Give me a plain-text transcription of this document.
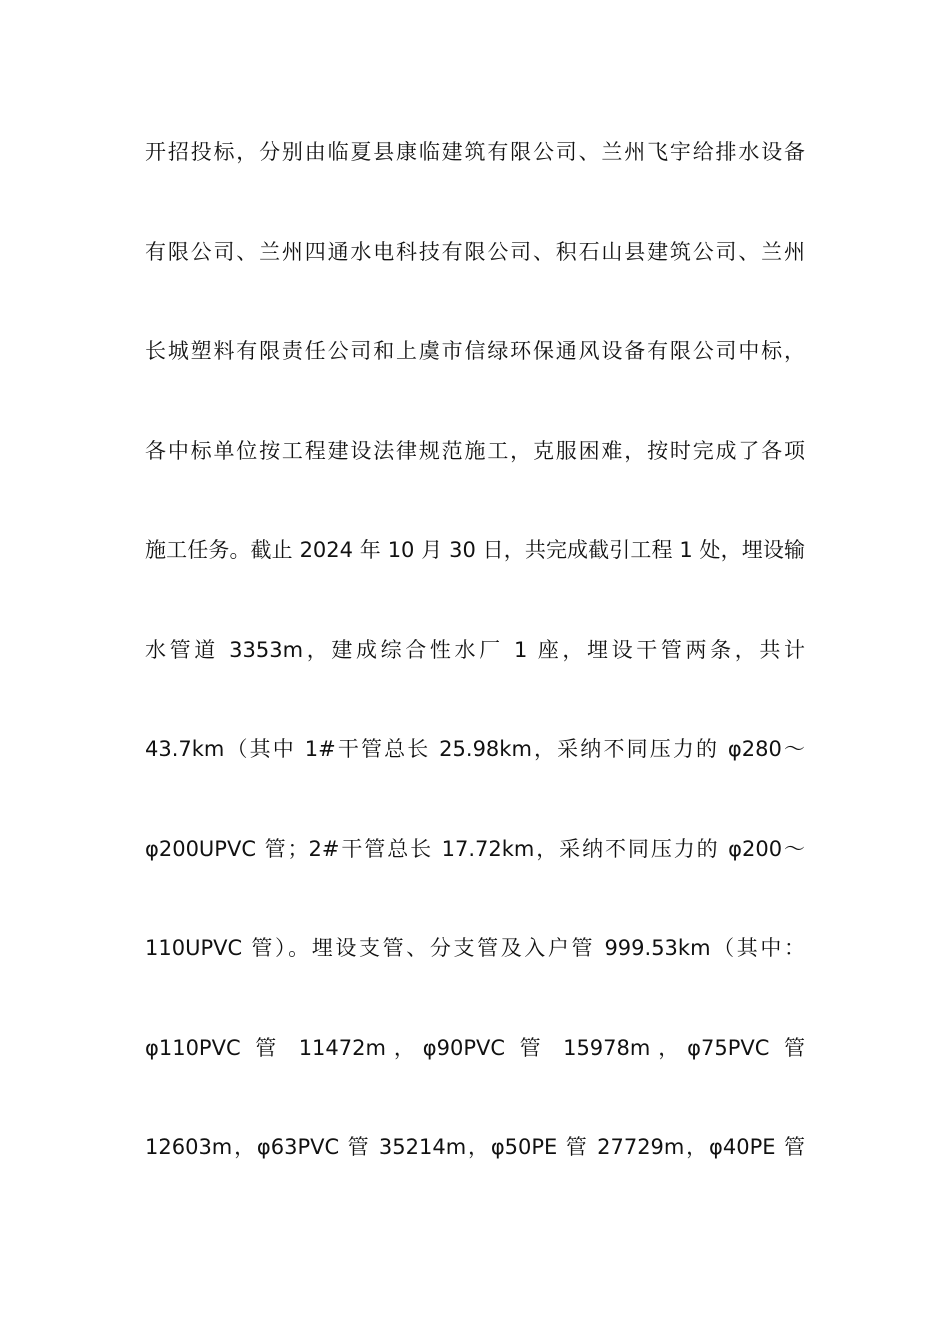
开招投标，分别由临夏县康临建筑有限公司、兰州飞宇给排水设备
有限公司、兰州四通水电科技有限公司、积石山县建筑公司、兰州
长城塑料有限责任公司和上虞市信绿环保通风设备有限公司中标，
各中标单位按工程建设法律规范施工，克服困难，按时完成了各项
施工任务。截止 2024 年 10 月 30 日，共完成截引工程 1 处，埋设输
水管道 3353m，建成综合性水厂 1 座，埋设干管两条，共计
43.7km（其中 1#干管总长 25.98km，采纳不同压力的 φ280～
φ200UPVC 管；2#干管总长 17.72km，采纳不同压力的 φ200～
110UPVC 管）。埋设支管、分支管及入户管 999.53km（其中：
φ110PVC 管 11472m，φ90PVC 管 15978m，φ75PVC 管
12603m，φ63PVC 管 35214m，φ50PE 管 27729m，φ40PE 管
